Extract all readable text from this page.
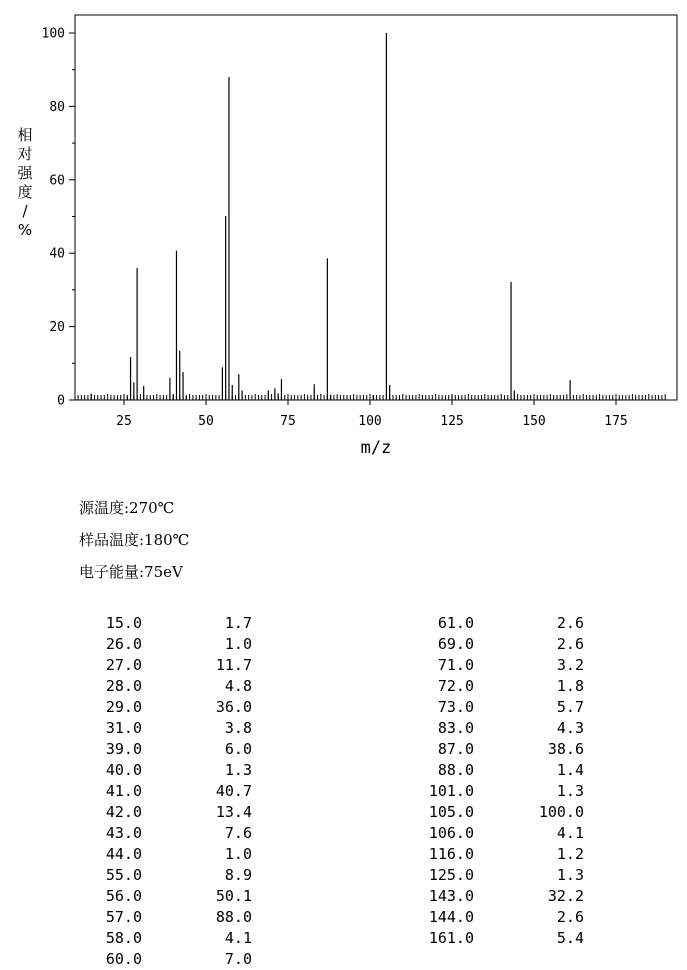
25	50	75	100	125	150	175
0
20
40
60
80
100
m/z
相
对
强
度
/
%
源温度:270℃
样品温度:180℃
电子能量:75eV
15.0	1.7
26.0	1.0
27.0	11.7
28.0	4.8
29.0	36.0
31.0	3.8
39.0	6.0
40.0	1.3
41.0	40.7
42.0	13.4
43.0	7.6
44.0	1.0
55.0	8.9
56.0	50.1
57.0	88.0
58.0	4.1
60.0	7.0
61.0	2.6
69.0	2.6
71.0	3.2
72.0	1.8
73.0	5.7
83.0	4.3
87.0	38.6
88.0	1.4
101.0	1.3
105.0	100.0
106.0	4.1
116.0	1.2
125.0	1.3
143.0	32.2
144.0	2.6
161.0	5.4
